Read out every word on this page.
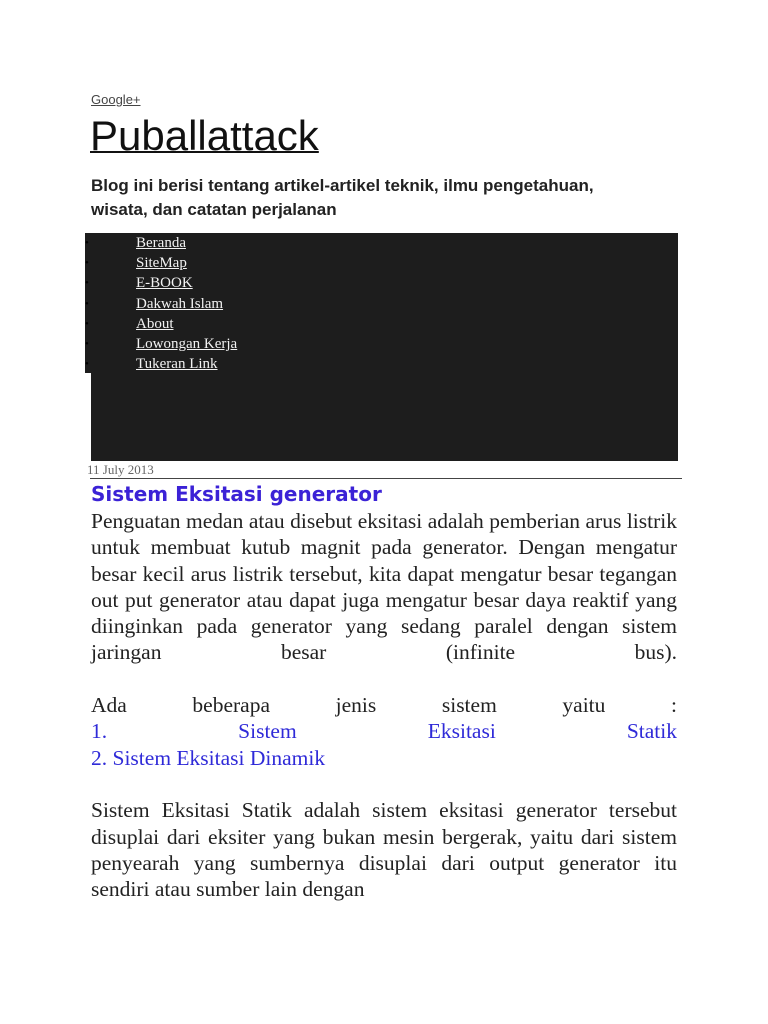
Google+
Puballattack

Blog ini berisi tentang artikel-artikel teknik, ilmu pengetahuan, wisata, dan catatan perjalanan

•	Beranda
•	SiteMap
•	E-BOOK
•	Dakwah Islam
•	About
•	Lowongan Kerja
•	Tukeran Link
11 July 2013
Sistem Eksitasi generator

Penguatan medan atau disebut eksitasi adalah pemberian arus listrik untuk membuat kutub magnit pada generator. Dengan mengatur besar kecil arus listrik tersebut, kita dapat mengatur besar tegangan out put generator atau dapat juga mengatur besar daya reaktif yang diinginkan pada generator yang sedang paralel dengan sistem jaringan besar (infinite bus).

Ada beberapa jenis sistem yaitu :

1. Sistem Eksitasi Statik

2. Sistem Eksitasi Dinamik

Sistem Eksitasi Statik adalah sistem eksitasi generator tersebut disuplai dari eksiter yang bukan mesin bergerak, yaitu dari sistem penyearah yang sumbernya disuplai dari output generator itu sendiri atau sumber lain dengan
